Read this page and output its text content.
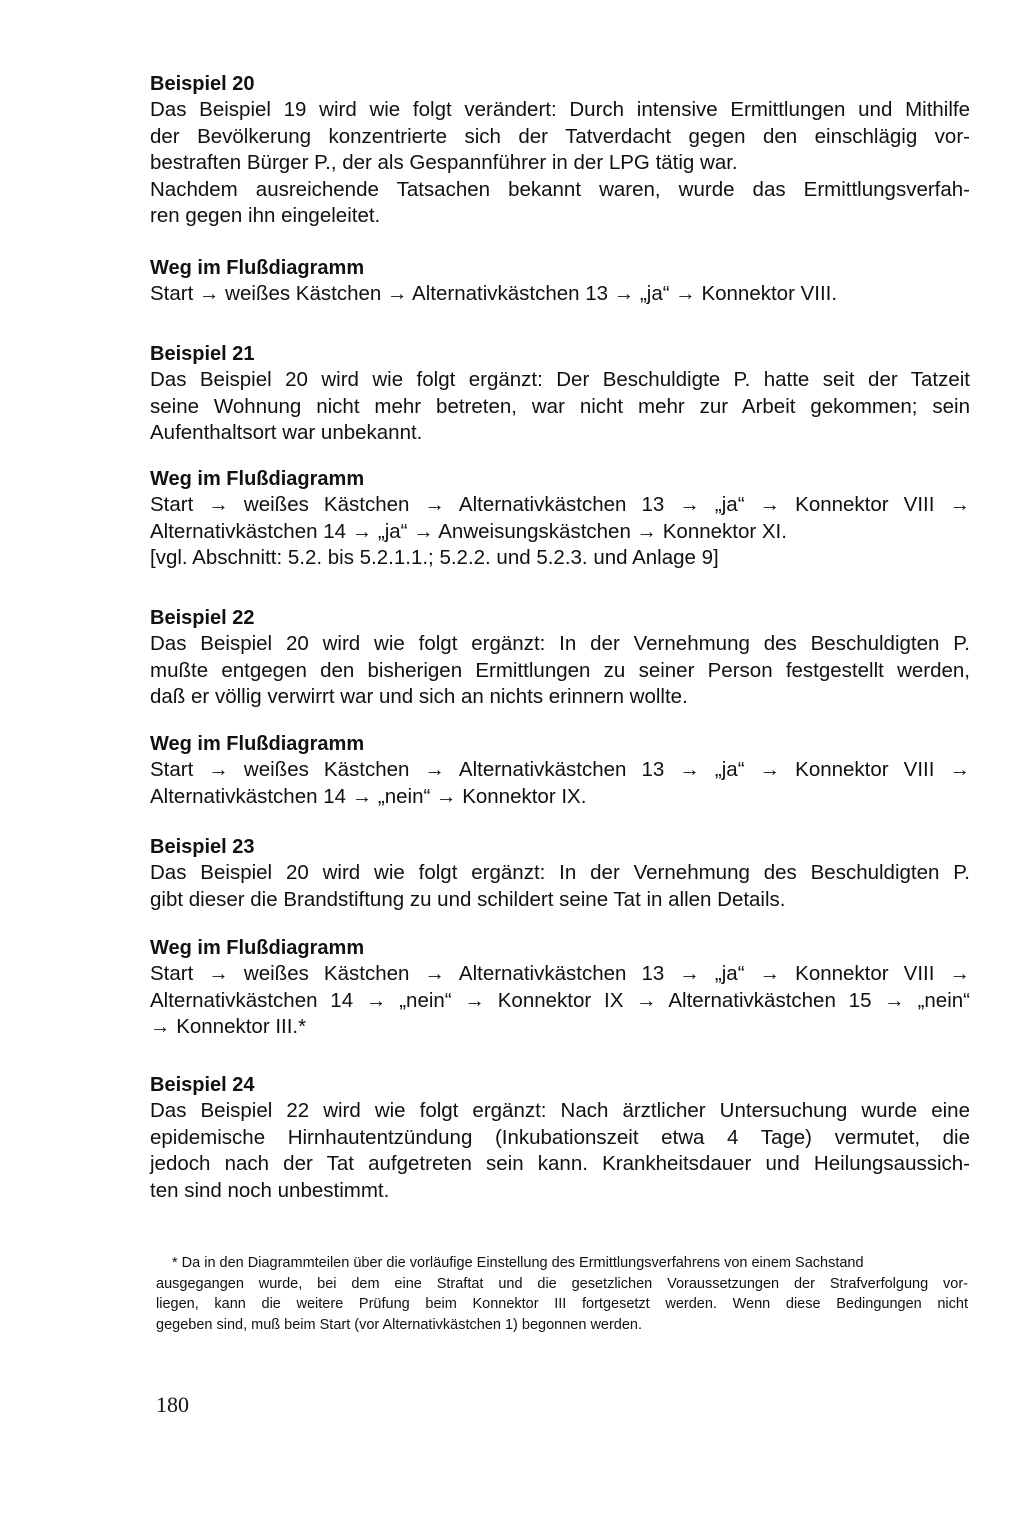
Beispiel 20
Das Beispiel 19 wird wie folgt verändert: Durch intensive Ermittlungen und Mithilfe
der Bevölkerung konzentrierte sich der Tatverdacht gegen den einschlägig vor-
bestraften Bürger P., der als Gespannführer in der LPG tätig war.
Nachdem ausreichende Tatsachen bekannt waren, wurde das Ermittlungsverfah-
ren gegen ihn eingeleitet.
Weg im Flußdiagramm
Start → weißes Kästchen → Alternativkästchen 13 → „ja“ → Konnektor VIII.
Beispiel 21
Das Beispiel 20 wird wie folgt ergänzt: Der Beschuldigte P. hatte seit der Tatzeit
seine Wohnung nicht mehr betreten, war nicht mehr zur Arbeit gekommen; sein
Aufenthaltsort war unbekannt.
Weg im Flußdiagramm
Start → weißes Kästchen → Alternativkästchen 13 → „ja“ → Konnektor VIII →
Alternativkästchen 14 → „ja“ → Anweisungskästchen → Konnektor XI.
[vgl. Abschnitt: 5.2. bis 5.2.1.1.; 5.2.2. und 5.2.3. und Anlage 9]
Beispiel 22
Das Beispiel 20 wird wie folgt ergänzt: In der Vernehmung des Beschuldigten P.
mußte entgegen den bisherigen Ermittlungen zu seiner Person festgestellt werden,
daß er völlig verwirrt war und sich an nichts erinnern wollte.
Weg im Flußdiagramm
Start → weißes Kästchen → Alternativkästchen 13 → „ja“ → Konnektor VIII →
Alternativkästchen 14 → „nein“ → Konnektor IX.
Beispiel 23
Das Beispiel 20 wird wie folgt ergänzt: In der Vernehmung des Beschuldigten P.
gibt dieser die Brandstiftung zu und schildert seine Tat in allen Details.
Weg im Flußdiagramm
Start → weißes Kästchen → Alternativkästchen 13 → „ja“ → Konnektor VIII →
Alternativkästchen 14 → „nein“ → Konnektor IX → Alternativkästchen 15 → „nein“
→ Konnektor III.*
Beispiel 24
Das Beispiel 22 wird wie folgt ergänzt: Nach ärztlicher Untersuchung wurde eine
epidemische Hirnhautentzündung (Inkubationszeit etwa 4 Tage) vermutet, die
jedoch nach der Tat aufgetreten sein kann. Krankheitsdauer und Heilungsaussich-
ten sind noch unbestimmt.
* Da in den Diagrammteilen über die vorläufige Einstellung des Ermittlungsverfahrens von einem Sachstand
ausgegangen wurde, bei dem eine Straftat und die gesetzlichen Voraussetzungen der Strafverfolgung vor-
liegen, kann die weitere Prüfung beim Konnektor III fortgesetzt werden. Wenn diese Bedingungen nicht
gegeben sind, muß beim Start (vor Alternativkästchen 1) begonnen werden.
180
